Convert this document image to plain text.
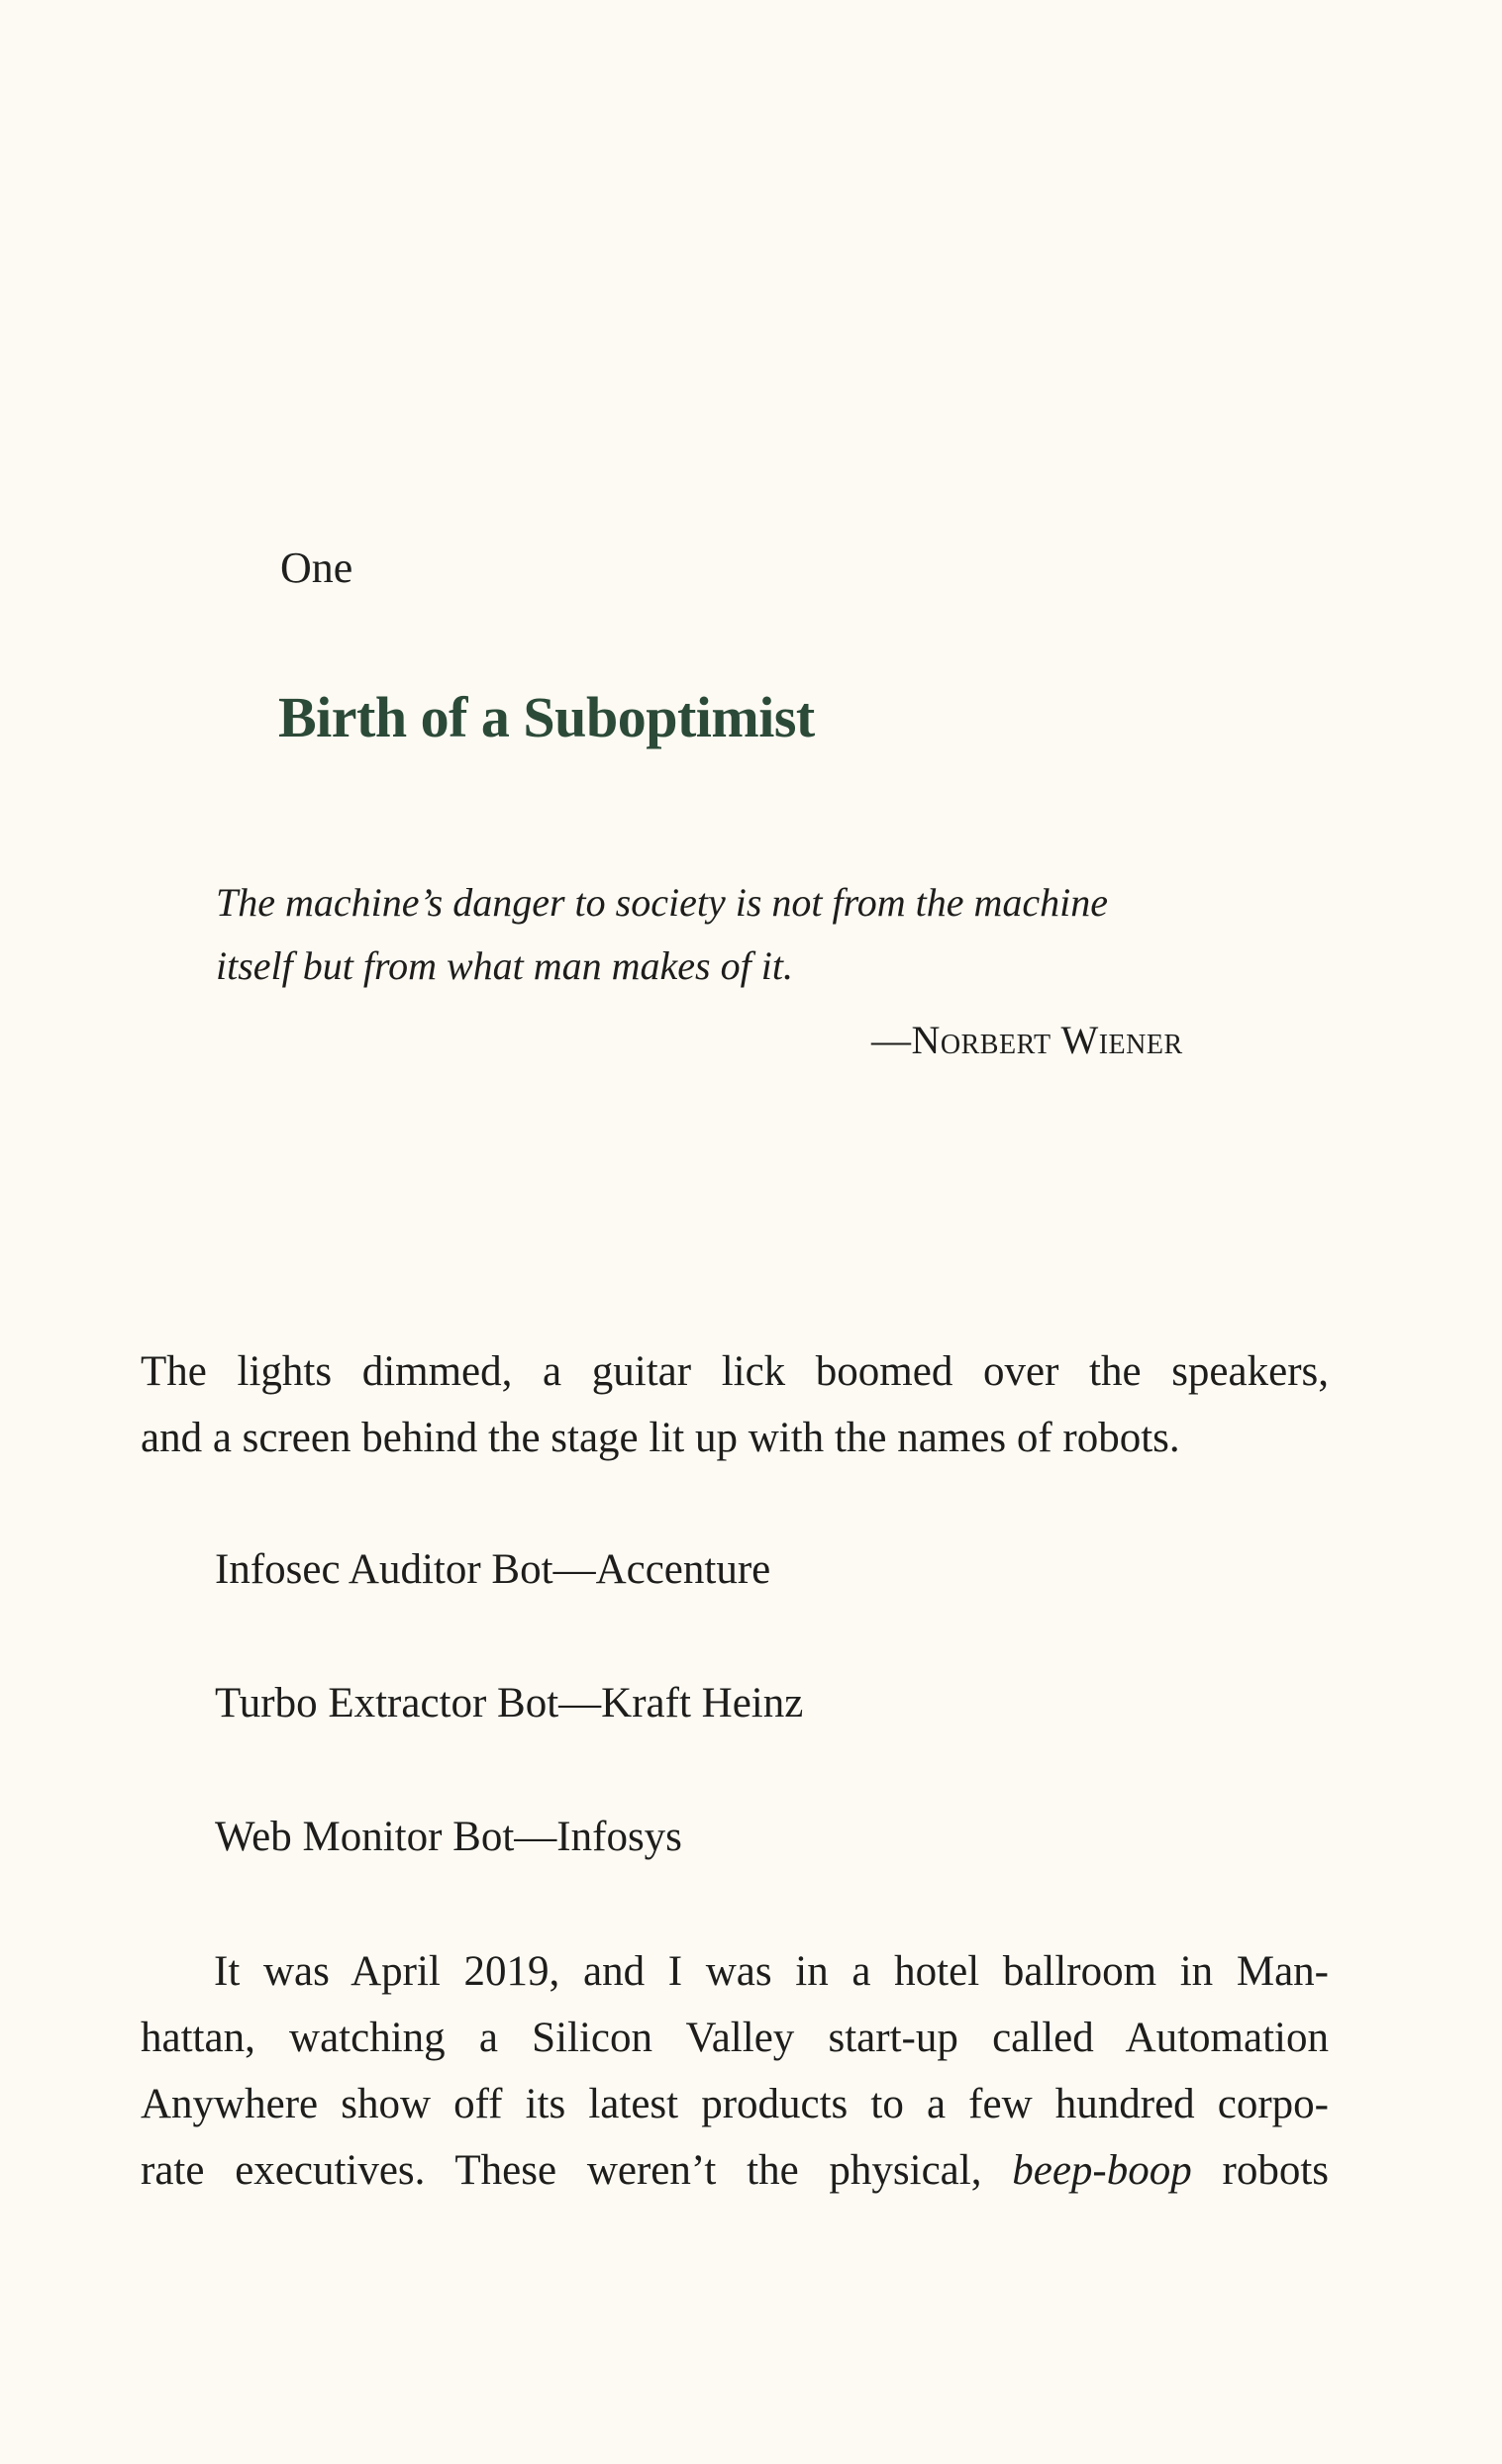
One
Birth of a Suboptimist

The machine’s danger to society is not from the machine

itself but from what man makes of it.

—Norbert Wiener
The lights dimmed, a guitar lick boomed over the speakers,
and a screen behind the stage lit up with the names of robots.
Infosec Auditor Bot—Accenture
Turbo Extractor Bot—Kraft Heinz
Web Monitor Bot—Infosys
It was April 2019, and I was in a hotel ballroom in Man-
hattan, watching a Silicon Valley start-up called Automation
Anywhere show off its latest products to a few hundred corpo-
rate executives. These weren’t the physical, beep-boop robots
